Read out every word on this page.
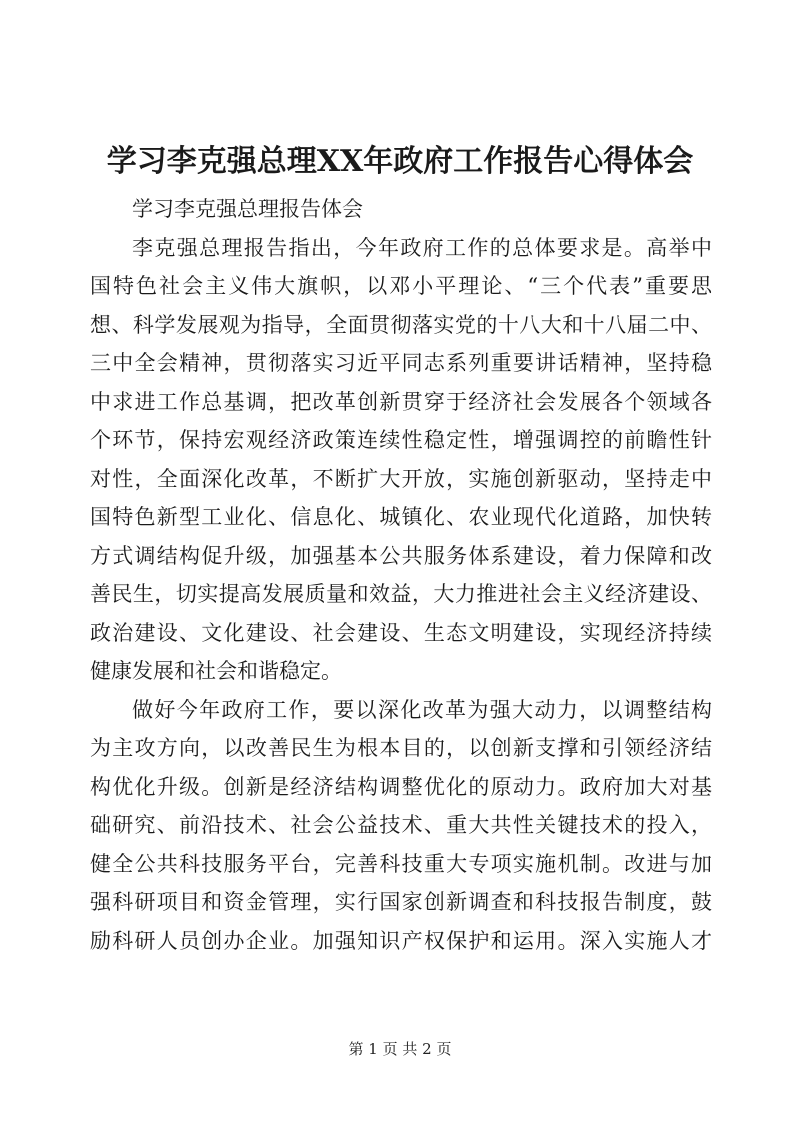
学习李克强总理XX年政府工作报告心得体会

学习李克强总理报告体会

李克强总理报告指出，今年政府工作的总体要求是。高举中
国特色社会主义伟大旗帜，以邓小平理论、“三个代表”重要思
想、科学发展观为指导，全面贯彻落实党的十八大和十八届二中、
三中全会精神，贯彻落实习近平同志系列重要讲话精神，坚持稳
中求进工作总基调，把改革创新贯穿于经济社会发展各个领域各
个环节，保持宏观经济政策连续性稳定性，增强调控的前瞻性针
对性，全面深化改革，不断扩大开放，实施创新驱动，坚持走中
国特色新型工业化、信息化、城镇化、农业现代化道路，加快转
方式调结构促升级，加强基本公共服务体系建设，着力保障和改
善民生，切实提高发展质量和效益，大力推进社会主义经济建设、
政治建设、文化建设、社会建设、生态文明建设，实现经济持续
健康发展和社会和谐稳定。
做好今年政府工作，要以深化改革为强大动力，以调整结构
为主攻方向，以改善民生为根本目的，以创新支撑和引领经济结
构优化升级。创新是经济结构调整优化的原动力。政府加大对基
础研究、前沿技术、社会公益技术、重大共性关键技术的投入，
健全公共科技服务平台，完善科技重大专项实施机制。改进与加
强科研项目和资金管理，实行国家创新调查和科技报告制度，鼓
励科研人员创办企业。加强知识产权保护和运用。深入实施人才
第 1 页 共 2 页
